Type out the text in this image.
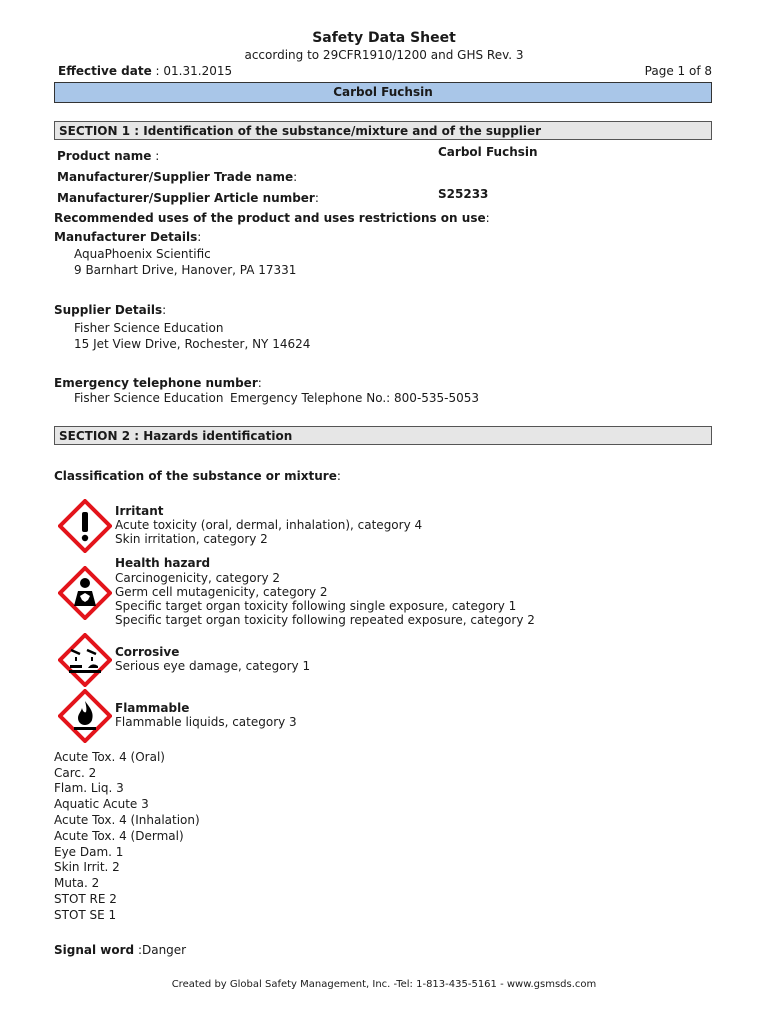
Safety Data Sheet
according to 29CFR1910/1200 and GHS Rev. 3
Effective date : 01.31.2015	Page 1 of 8
Carbol Fuchsin
SECTION 1 : Identification of the substance/mixture and of the supplier
Product name :	Carbol Fuchsin
Manufacturer/Supplier Trade name:
Manufacturer/Supplier Article number:	S25233
Recommended uses of the product and uses restrictions on use:
Manufacturer Details:
AquaPhoenix Scientific
9 Barnhart Drive, Hanover, PA 17331
Supplier Details:
Fisher Science Education
15 Jet View Drive, Rochester, NY 14624
Emergency telephone number:
Fisher Science Education Emergency Telephone No.: 800-535-5053
SECTION 2 : Hazards identification
Classification of the substance or mixture:
Irritant
Acute toxicity (oral, dermal, inhalation), category 4
Skin irritation, category 2
Health hazard
Carcinogenicity, category 2
Germ cell mutagenicity, category 2
Specific target organ toxicity following single exposure, category 1
Specific target organ toxicity following repeated exposure, category 2
Corrosive
Serious eye damage, category 1
Flammable
Flammable liquids, category 3
Acute Tox. 4 (Oral)
Carc. 2
Flam. Liq. 3
Aquatic Acute 3
Acute Tox. 4 (Inhalation)
Acute Tox. 4 (Dermal)
Eye Dam. 1
Skin Irrit. 2
Muta. 2
STOT RE 2
STOT SE 1
Signal word :Danger
Created by Global Safety Management, Inc. -Tel: 1-813-435-5161 - www.gsmsds.com
